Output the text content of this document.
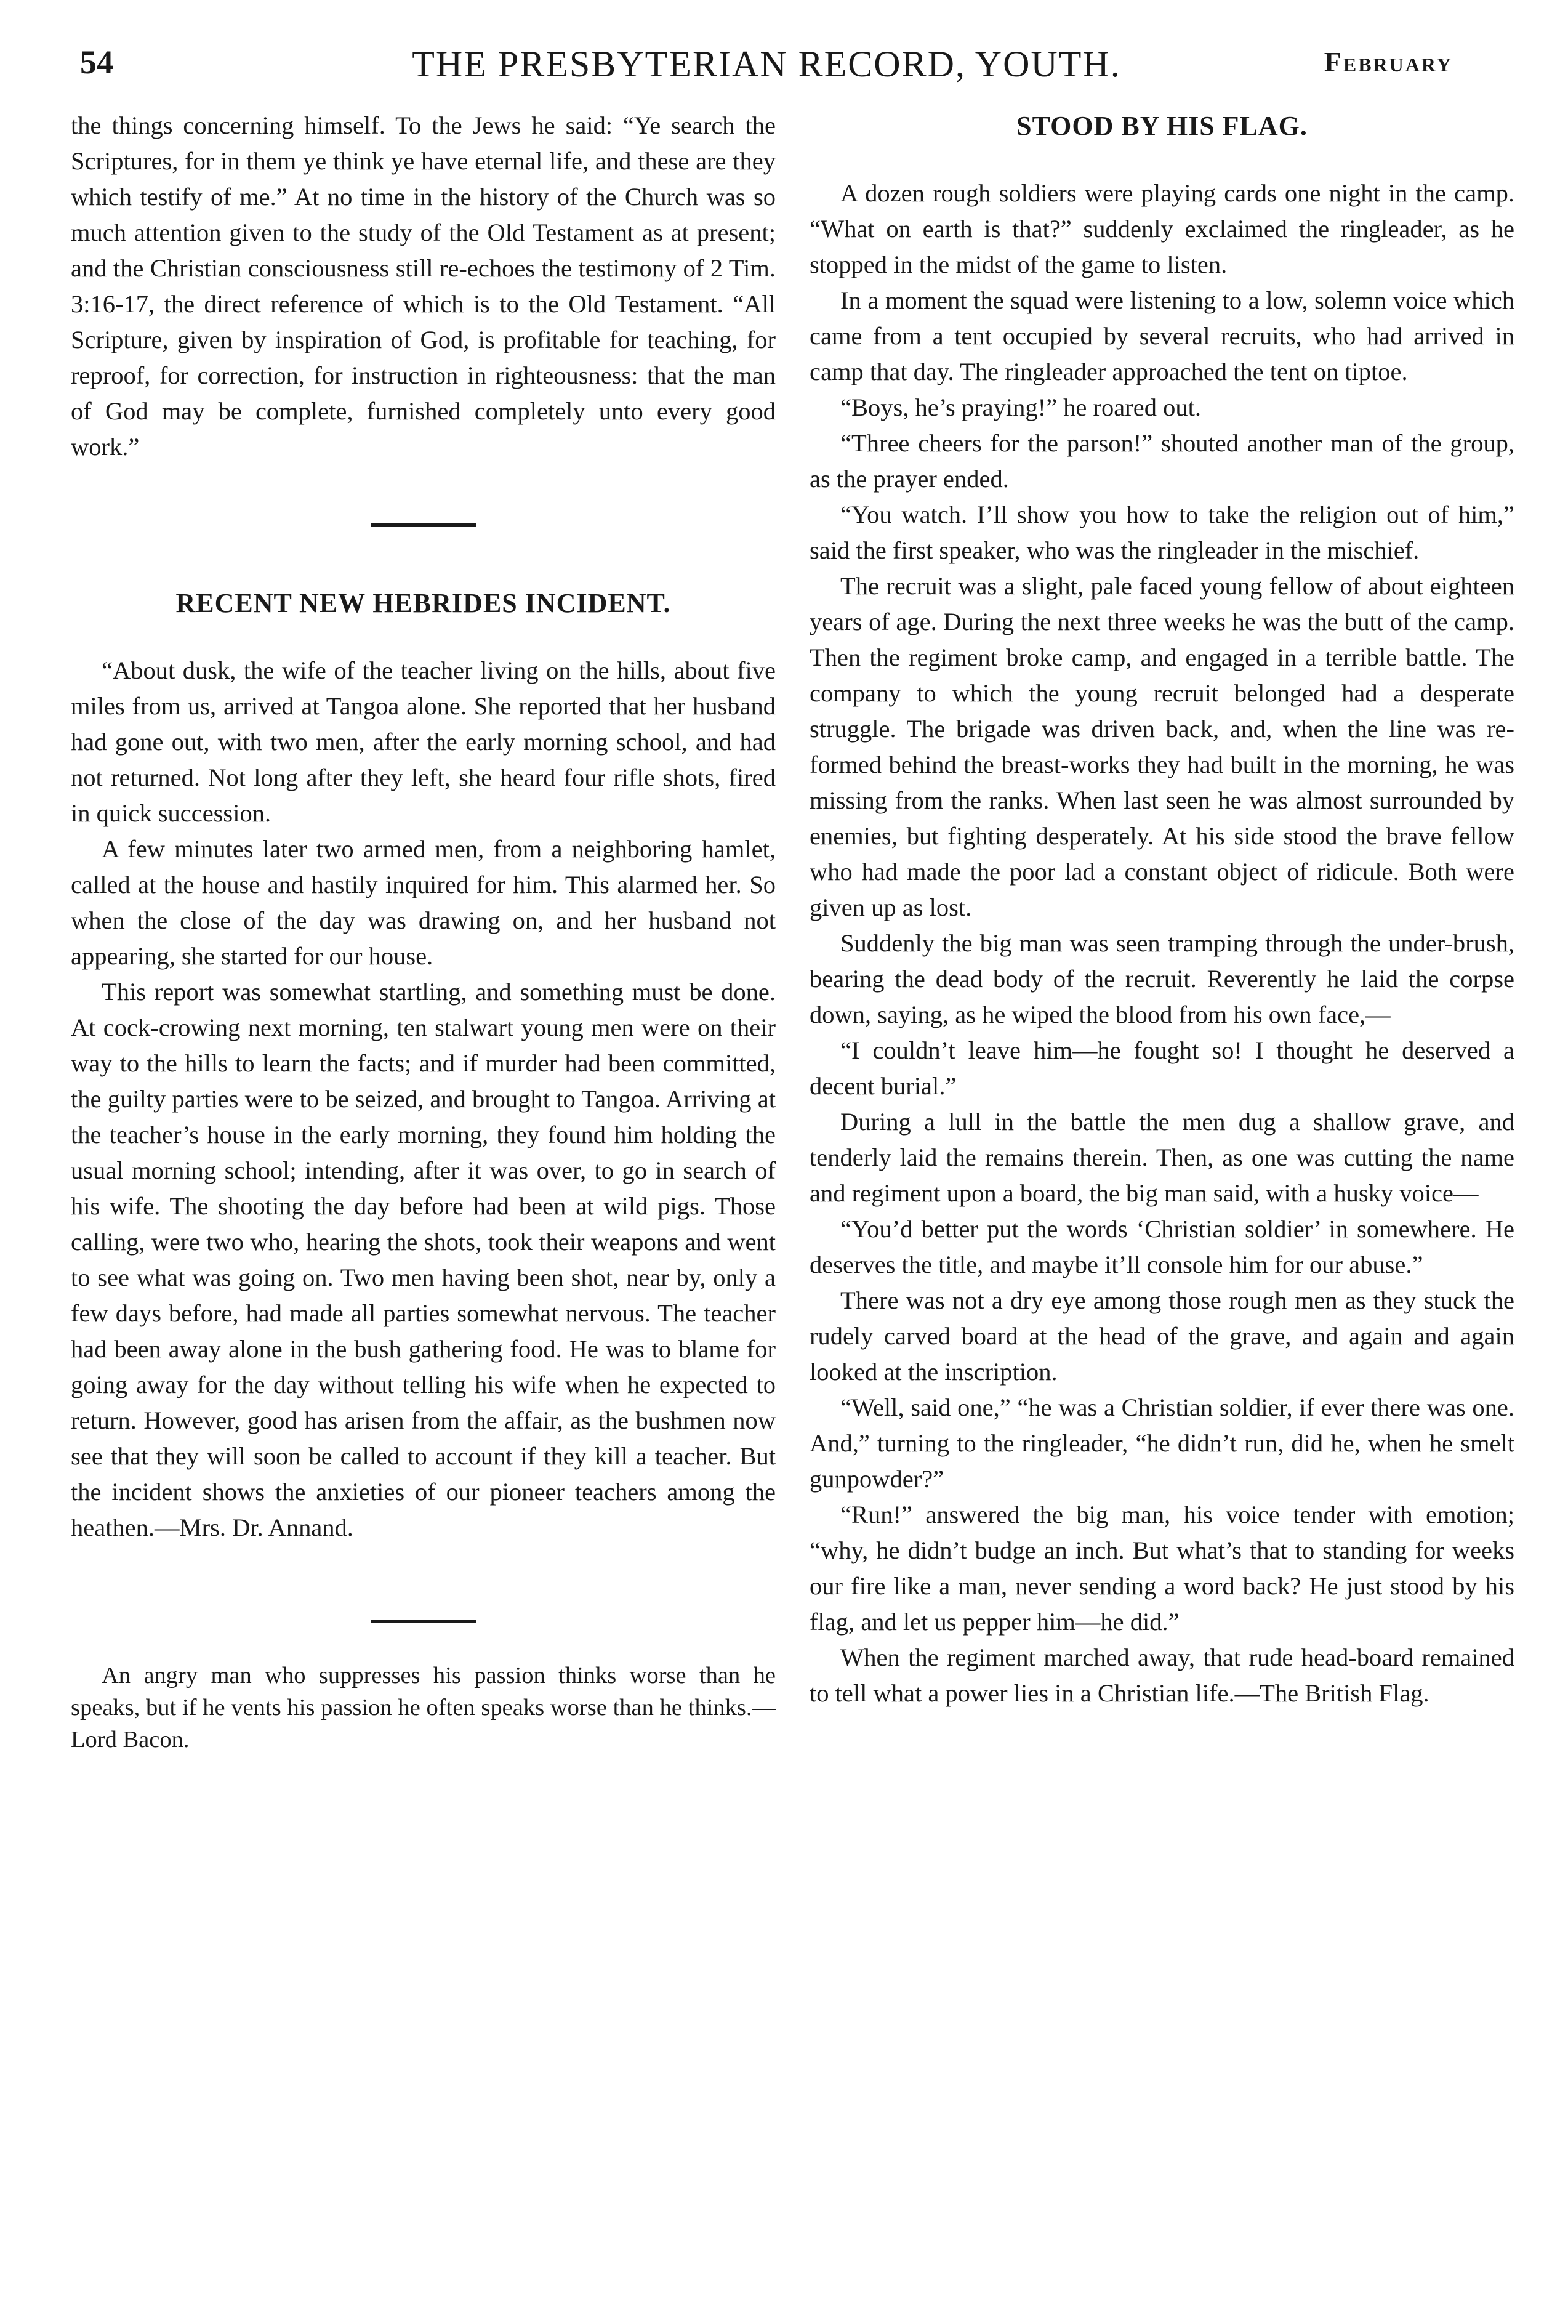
54	THE PRESBYTERIAN RECORD, YOUTH.	February

the things concerning himself. To the Jews he said: “Ye search the Scriptures, for in them ye think ye have eternal life, and these are they which testify of me.” At no time in the history of the Church was so much attention given to the study of the Old Testament as at present; and the Christian consciousness still re-echoes the testimony of 2 Tim. 3:16-17, the direct reference of which is to the Old Testament. “All Scripture, given by inspiration of God, is profitable for teaching, for reproof, for correction, for instruction in righteousness: that the man of God may be complete, furnished completely unto every good work.”

RECENT NEW HEBRIDES INCIDENT.

“About dusk, the wife of the teacher living on the hills, about five miles from us, arrived at Tangoa alone. She reported that her husband had gone out, with two men, after the early morning school, and had not returned. Not long after they left, she heard four rifle shots, fired in quick succession.

A few minutes later two armed men, from a neighboring hamlet, called at the house and hastily inquired for him. This alarmed her. So when the close of the day was drawing on, and her husband not appearing, she started for our house.

This report was somewhat startling, and something must be done. At cock-crowing next morning, ten stalwart young men were on their way to the hills to learn the facts; and if murder had been committed, the guilty parties were to be seized, and brought to Tangoa. Arriving at the teacher’s house in the early morning, they found him holding the usual morning school; intending, after it was over, to go in search of his wife. The shooting the day before had been at wild pigs. Those calling, were two who, hearing the shots, took their weapons and went to see what was going on. Two men having been shot, near by, only a few days before, had made all parties somewhat nervous. The teacher had been away alone in the bush gathering food. He was to blame for going away for the day without telling his wife when he expected to return. However, good has arisen from the affair, as the bushmen now see that they will soon be called to account if they kill a teacher. But the incident shows the anxieties of our pioneer teachers among the heathen.—Mrs. Dr. Annand.

An angry man who suppresses his passion thinks worse than he speaks, but if he vents his passion he often speaks worse than he thinks.—Lord Bacon.

STOOD BY HIS FLAG.

A dozen rough soldiers were playing cards one night in the camp. “What on earth is that?” suddenly exclaimed the ringleader, as he stopped in the midst of the game to listen.

In a moment the squad were listening to a low, solemn voice which came from a tent occupied by several recruits, who had arrived in camp that day. The ringleader approached the tent on tiptoe.

“Boys, he’s praying!” he roared out.

“Three cheers for the parson!” shouted another man of the group, as the prayer ended.

“You watch. I’ll show you how to take the religion out of him,” said the first speaker, who was the ringleader in the mischief.

The recruit was a slight, pale faced young fellow of about eighteen years of age. During the next three weeks he was the butt of the camp. Then the regiment broke camp, and engaged in a terrible battle. The company to which the young recruit belonged had a desperate struggle. The brigade was driven back, and, when the line was re-formed behind the breast-works they had built in the morning, he was missing from the ranks. When last seen he was almost surrounded by enemies, but fighting desperately. At his side stood the brave fellow who had made the poor lad a constant object of ridicule. Both were given up as lost.

Suddenly the big man was seen tramping through the under-brush, bearing the dead body of the recruit. Reverently he laid the corpse down, saying, as he wiped the blood from his own face,—

“I couldn’t leave him—he fought so! I thought he deserved a decent burial.”

During a lull in the battle the men dug a shallow grave, and tenderly laid the remains therein. Then, as one was cutting the name and regiment upon a board, the big man said, with a husky voice—

“You’d better put the words ‘Christian soldier’ in somewhere. He deserves the title, and maybe it’ll console him for our abuse.”

There was not a dry eye among those rough men as they stuck the rudely carved board at the head of the grave, and again and again looked at the inscription.

“Well, said one,” “he was a Christian soldier, if ever there was one. And,” turning to the ringleader, “he didn’t run, did he, when he smelt gunpowder?”

“Run!” answered the big man, his voice tender with emotion; “why, he didn’t budge an inch. But what’s that to standing for weeks our fire like a man, never sending a word back? He just stood by his flag, and let us pepper him—he did.”

When the regiment marched away, that rude head-board remained to tell what a power lies in a Christian life.—The British Flag.
